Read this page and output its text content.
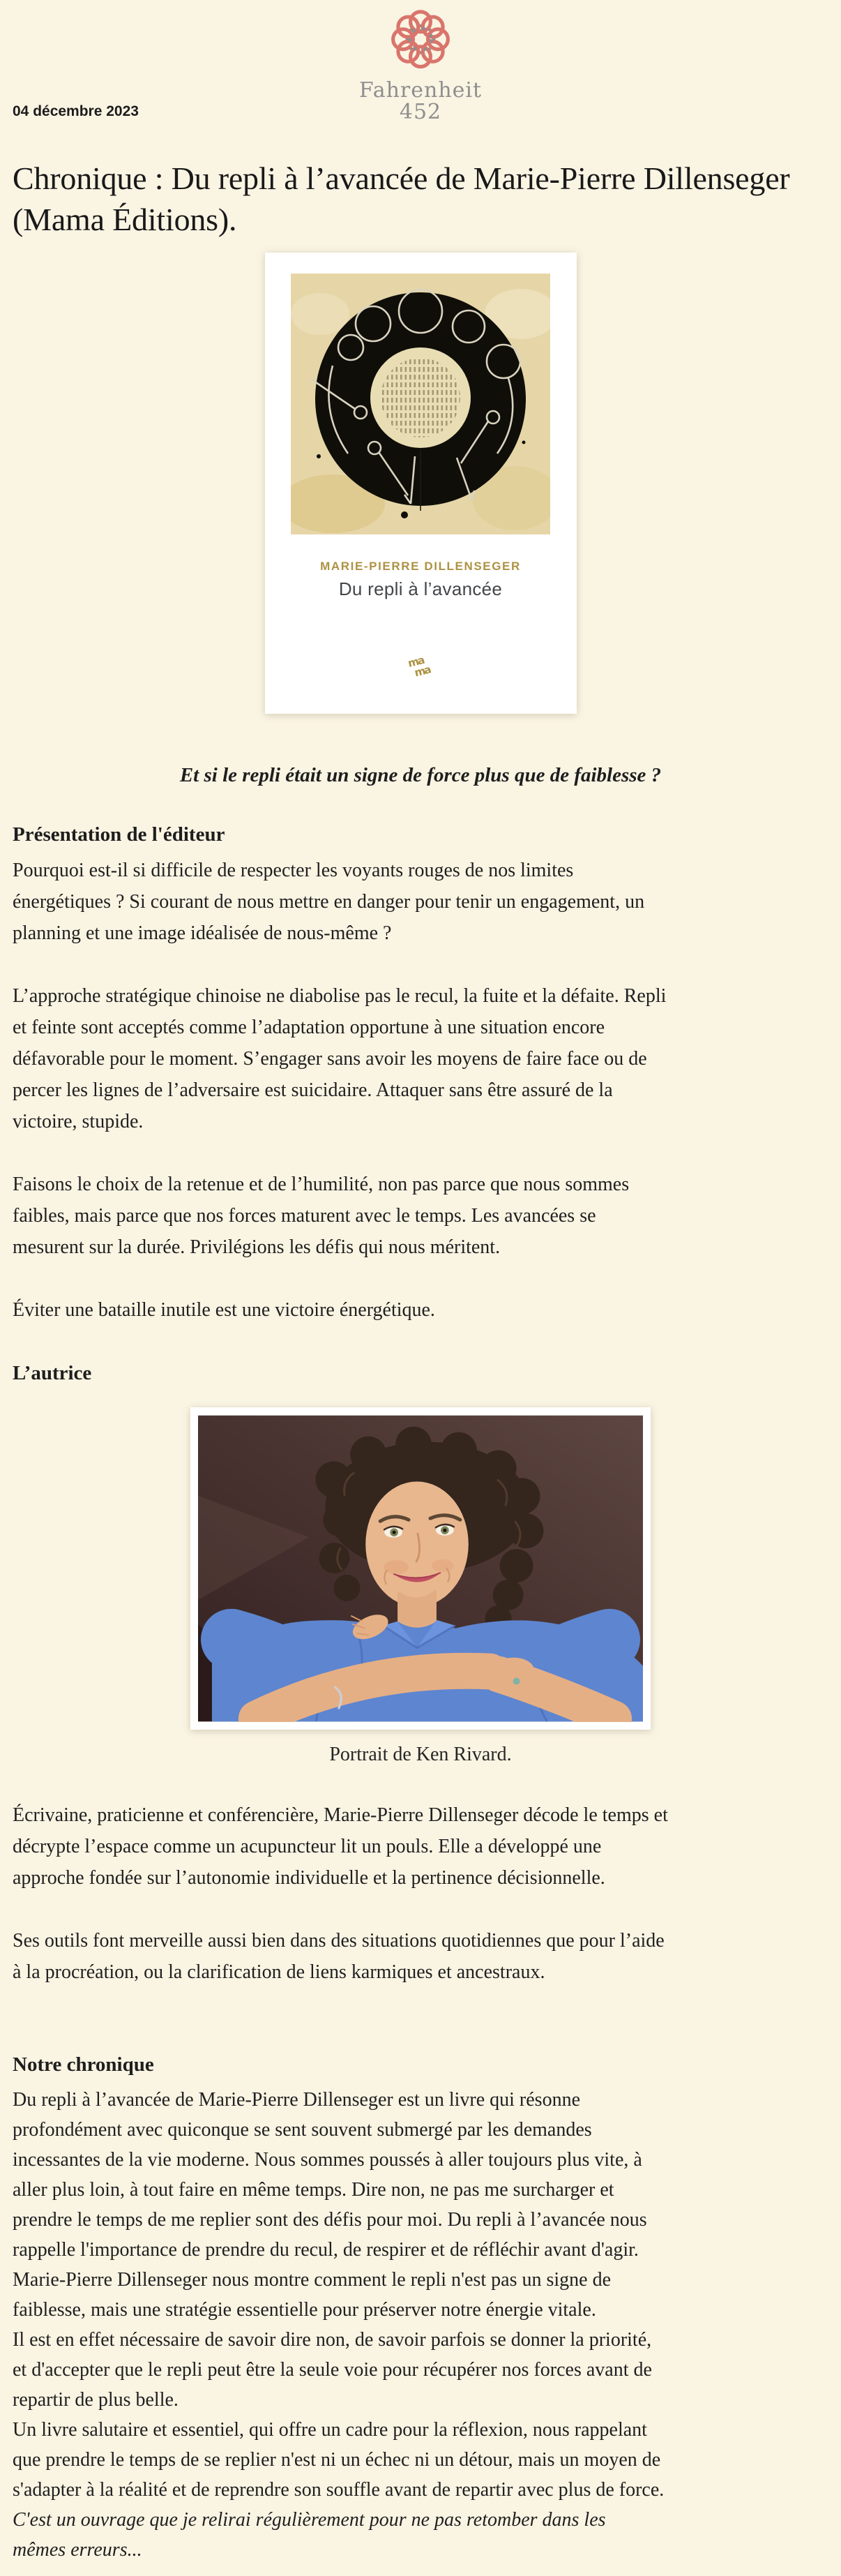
Fahrenheit
452
04 décembre 2023
Chronique : Du repli à l’avancée de Marie-Pierre Dillenseger (Mama Éditions).
MARIE-PIERRE DILLENSEGER
Du repli à l’avancée
ma
ma

Et si le repli était un signe de force plus que de faiblesse ?

Présentation de l'éditeur
Pourquoi est-il si difficile de respecter les voyants rouges de nos limites
énergétiques ? Si courant de nous mettre en danger pour tenir un engagement, un
planning et une image idéalisée de nous-même ?
L’approche stratégique chinoise ne diabolise pas le recul, la fuite et la défaite. Repli
et feinte sont acceptés comme l’adaptation opportune à une situation encore
défavorable pour le moment. S’engager sans avoir les moyens de faire face ou de
percer les lignes de l’adversaire est suicidaire. Attaquer sans être assuré de la
victoire, stupide.
Faisons le choix de la retenue et de l’humilité, non pas parce que nous sommes
faibles, mais parce que nos forces maturent avec le temps. Les avancées se
mesurent sur la durée. Privilégions les défis qui nous méritent.
Éviter une bataille inutile est une victoire énergétique.
L’autrice
Portrait de Ken Rivard.
Écrivaine, praticienne et conférencière, Marie-Pierre Dillenseger décode le temps et
décrypte l’espace comme un acupuncteur lit un pouls. Elle a développé une
approche fondée sur l’autonomie individuelle et la pertinence décisionnelle.
Ses outils font merveille aussi bien dans des situations quotidiennes que pour l’aide
à la procréation, ou la clarification de liens karmiques et ancestraux.
Notre chronique
Du repli à l’avancée de Marie-Pierre Dillenseger est un livre qui résonne
profondément avec quiconque se sent souvent submergé par les demandes
incessantes de la vie moderne. Nous sommes poussés à aller toujours plus vite, à
aller plus loin, à tout faire en même temps. Dire non, ne pas me surcharger et
prendre le temps de me replier sont des défis pour moi. Du repli à l’avancée nous
rappelle l'importance de prendre du recul, de respirer et de réfléchir avant d'agir.
Marie-Pierre Dillenseger nous montre comment le repli n'est pas un signe de
faiblesse, mais une stratégie essentielle pour préserver notre énergie vitale.
Il est en effet nécessaire de savoir dire non, de savoir parfois se donner la priorité,
et d'accepter que le repli peut être la seule voie pour récupérer nos forces avant de
repartir de plus belle.
Un livre salutaire et essentiel, qui offre un cadre pour la réflexion, nous rappelant
que prendre le temps de se replier n'est ni un échec ni un détour, mais un moyen de
s'adapter à la réalité et de reprendre son souffle avant de repartir avec plus de force.
C'est un ouvrage que je relirai régulièrement pour ne pas retomber dans les
mêmes erreurs...
